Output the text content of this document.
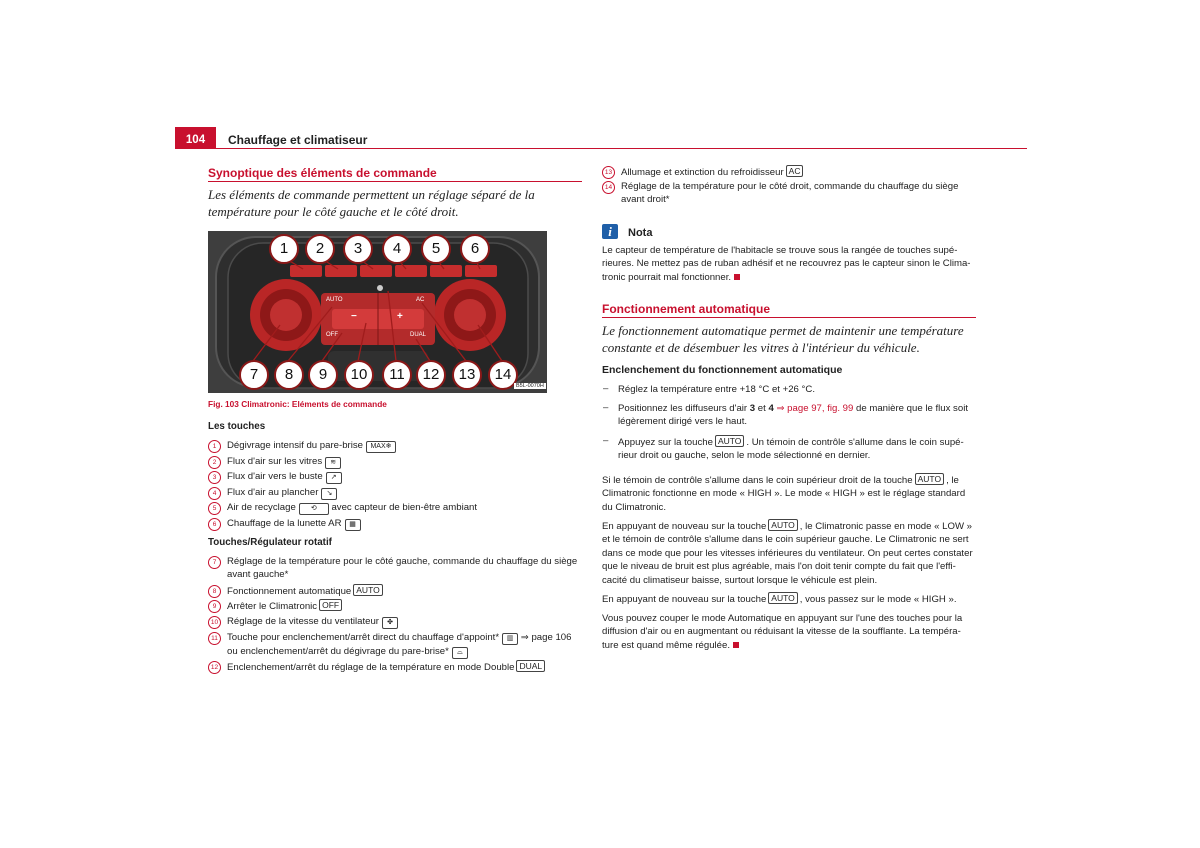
104	Chauffage et climatiseur
Synoptique des éléments de commande
Les éléments de commande permettent un réglage séparé de la température pour le côté gauche et le côté droit.
AUTO	AC
OFF	DUAL
−	+
1	2	3	4	5	6
7	8	9	10	11	12	13	14
B5L-0070H
Fig. 103 Climatronic: Eléments de commande
Les touches
1	Dégivrage intensif du pare-brise MAX❄
2	Flux d'air sur les vitres ≋
3	Flux d'air vers le buste ↗
4	Flux d'air au plancher ↘
5	Air de recyclage ⟲ avec capteur de bien-être ambiant
6	Chauffage de la lunette AR ▦
Touches/Régulateur rotatif
7	Réglage de la température pour le côté gauche, commande du chauffage du siège
avant gauche*
8	Fonctionnement automatique AUTO
9	Arrêter le Climatronic OFF
10 Réglage de la vitesse du ventilateur ✤
11 Touche pour enclenchement/arrêt direct du chauffage d'appoint* ▥ ⇒ page 106
ou enclenchement/arrêt du dégivrage du pare-brise* ⌓
12 Enclenchement/arrêt du réglage de la température en mode Double DUAL
13 Allumage et extinction du refroidisseur AC
14 Réglage de la température pour le côté droit, commande du chauffage du siège
avant droit*
i	Nota
Le capteur de température de l'habitacle se trouve sous la rangée de touches supé-
rieures. Ne mettez pas de ruban adhésif et ne recouvrez pas le capteur sinon le Clima-
tronic pourrait mal fonctionner.
Fonctionnement automatique
Le fonctionnement automatique permet de maintenir une température constante et de désembuer les vitres à l'intérieur du véhicule.
Enclenchement du fonctionnement automatique
– Réglez la température entre +18 °C et +26 °C.
– Positionnez les diffuseurs d'air 3 et 4 ⇒ page 97, fig. 99 de manière que le flux soit
légèrement dirigé vers le haut.
– Appuyez sur la touche AUTO . Un témoin de contrôle s'allume dans le coin supé-
rieur droit ou gauche, selon le mode sélectionné en dernier.
Si le témoin de contrôle s'allume dans le coin supérieur droit de la touche AUTO , le
Climatronic fonctionne en mode « HIGH ». Le mode « HIGH » est le réglage standard
du Climatronic.
En appuyant de nouveau sur la touche AUTO , le Climatronic passe en mode « LOW »
et le témoin de contrôle s'allume dans le coin supérieur gauche. Le Climatronic ne sert
dans ce mode que pour les vitesses inférieures du ventilateur. On peut certes constater
que le niveau de bruit est plus agréable, mais l'on doit tenir compte du fait que l'effi-
cacité du climatiseur baisse, surtout lorsque le véhicule est plein.
En appuyant de nouveau sur la touche AUTO , vous passez sur le mode « HIGH ».
Vous pouvez couper le mode Automatique en appuyant sur l'une des touches pour la
diffusion d'air ou en augmentant ou réduisant la vitesse de la soufflante. La tempéra-
ture est quand même régulée.
